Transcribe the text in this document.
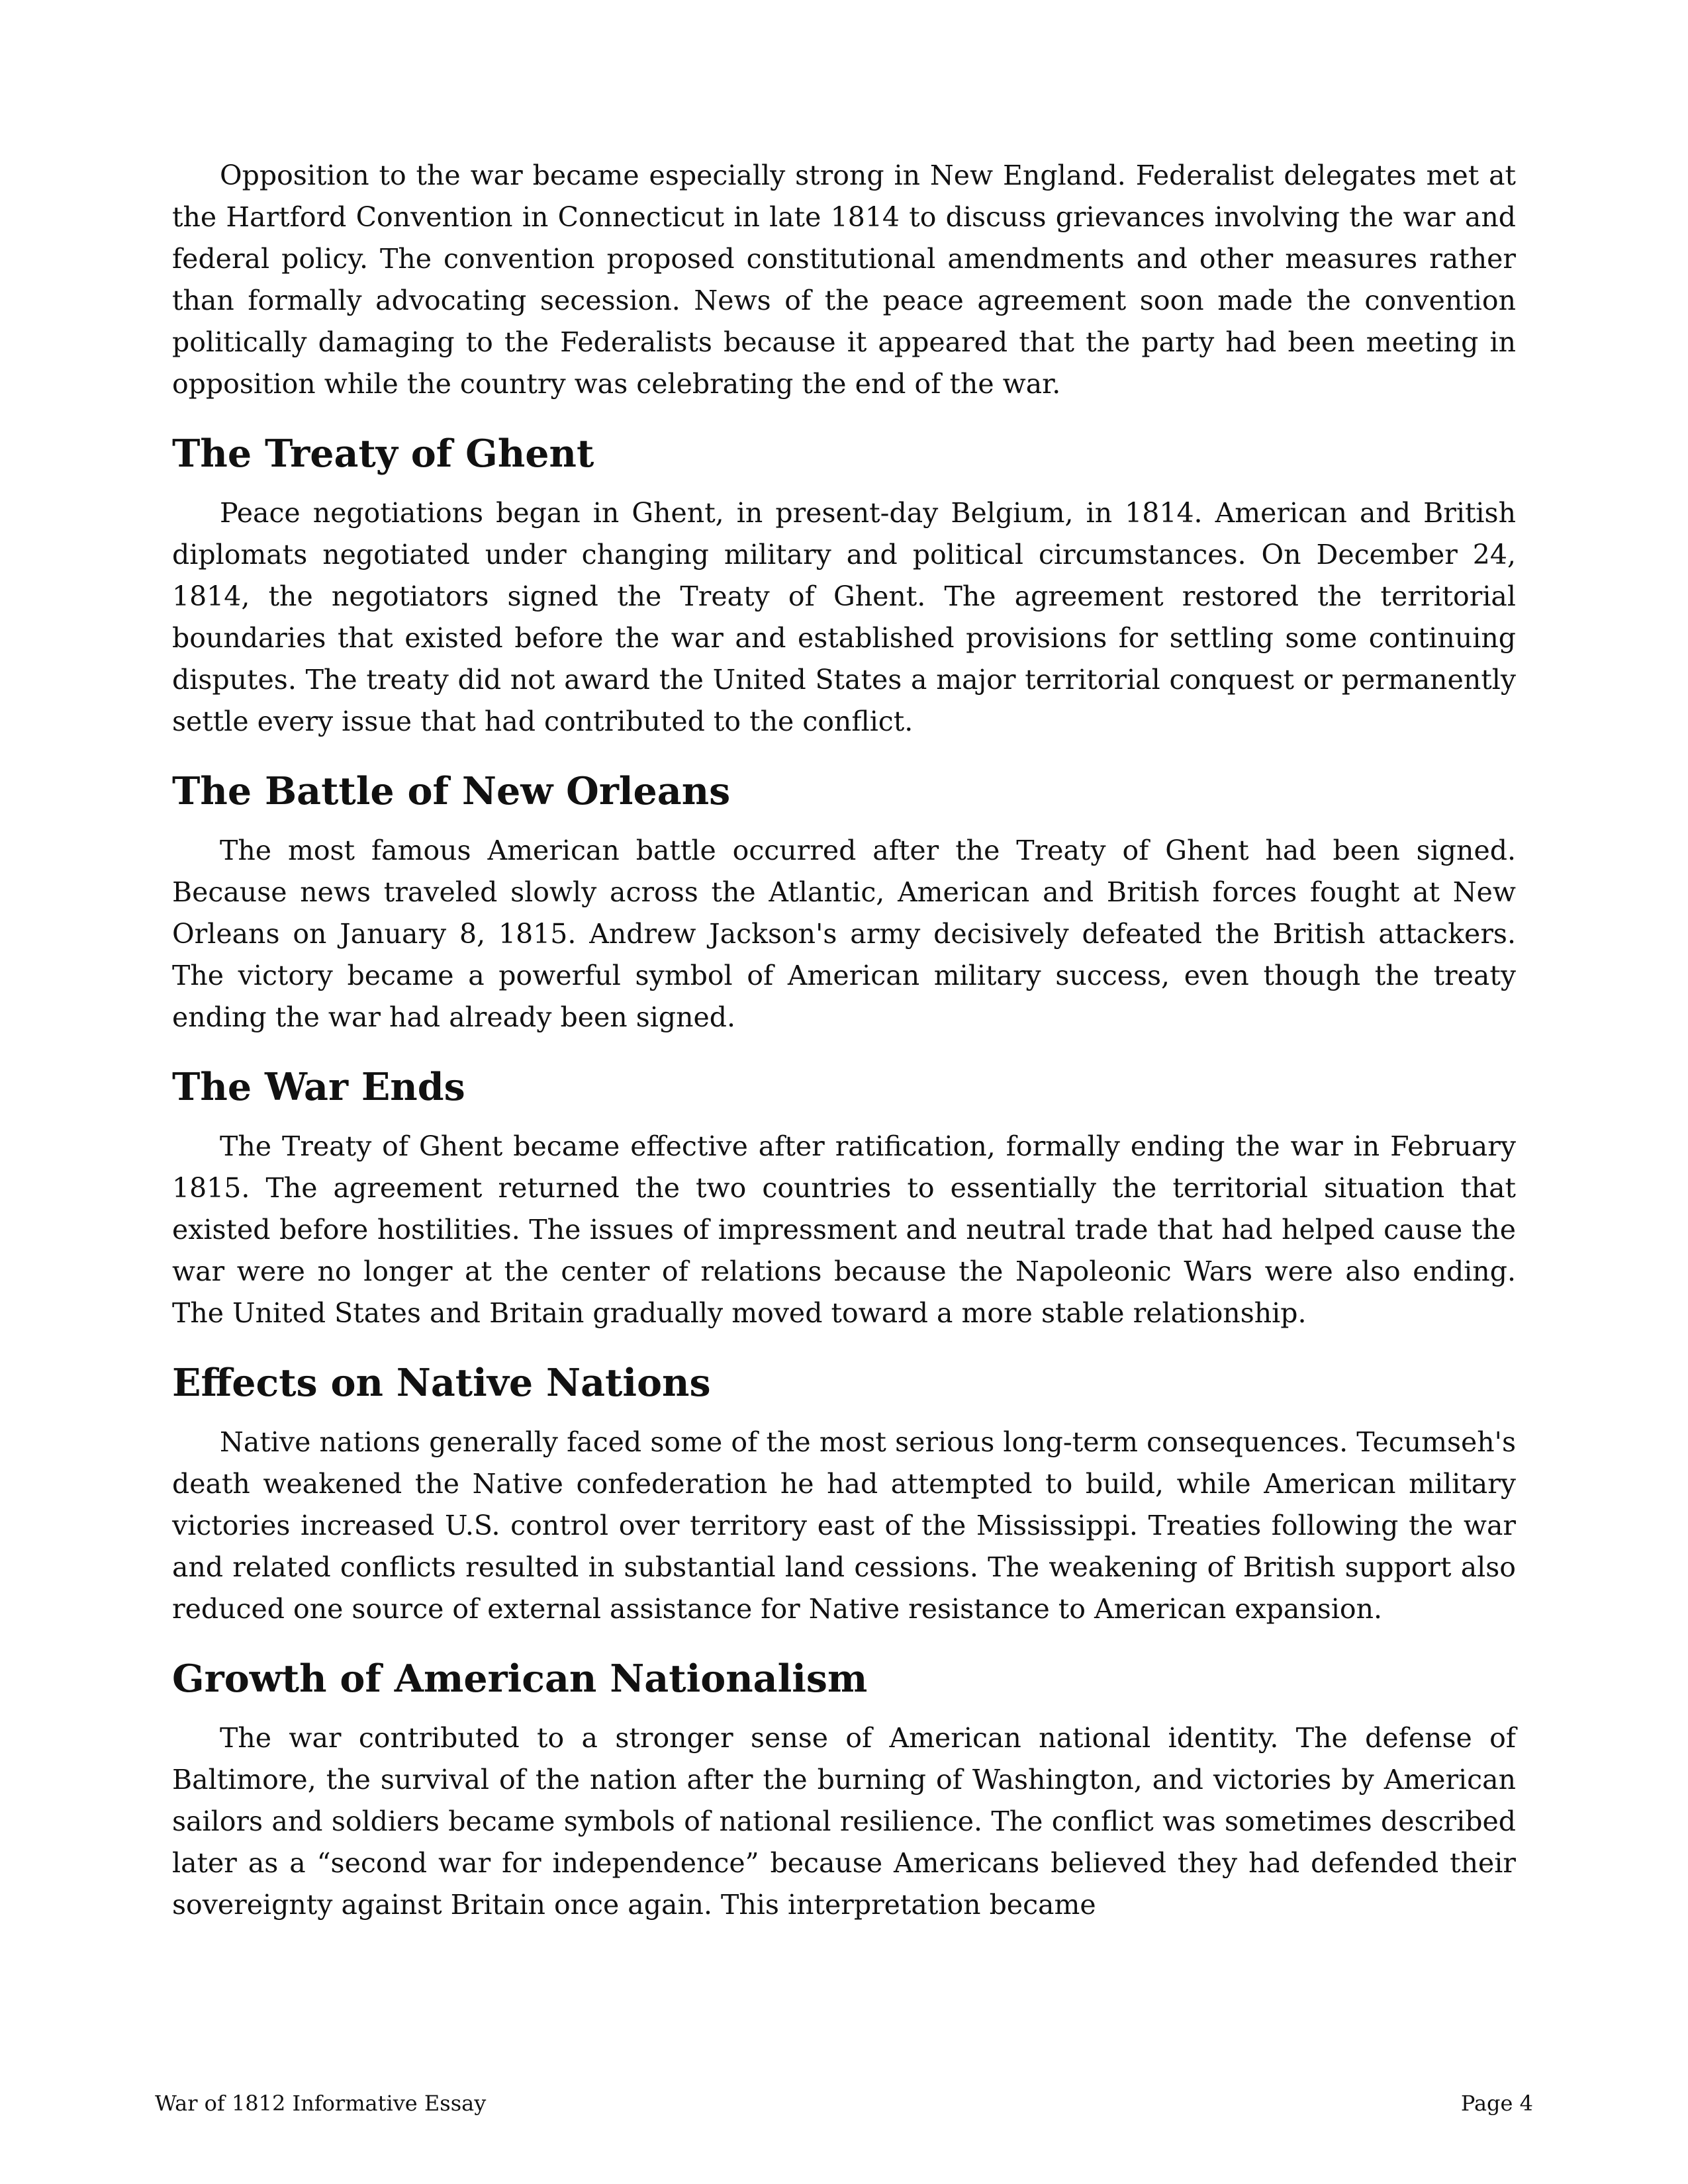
Opposition to the war became especially strong in New England. Federalist delegates met at the Hartford Convention in Connecticut in late 1814 to discuss grievances involving the war and federal policy. The convention proposed constitutional amendments and other measures rather than formally advocating secession. News of the peace agreement soon made the convention politically damaging to the Federalists because it appeared that the party had been meeting in opposition while the country was celebrating the end of the war.

The Treaty of Ghent

Peace negotiations began in Ghent, in present-day Belgium, in 1814. American and British diplomats negotiated under changing military and political circumstances. On December 24, 1814, the negotiators signed the Treaty of Ghent. The agreement restored the territorial boundaries that existed before the war and established provisions for settling some continuing disputes. The treaty did not award the United States a major territorial conquest or permanently settle every issue that had contributed to the conflict.

The Battle of New Orleans

The most famous American battle occurred after the Treaty of Ghent had been signed. Because news traveled slowly across the Atlantic, American and British forces fought at New Orleans on January 8, 1815. Andrew Jackson's army decisively defeated the British attackers. The victory became a powerful symbol of American military success, even though the treaty ending the war had already been signed.

The War Ends

The Treaty of Ghent became effective after ratification, formally ending the war in February 1815. The agreement returned the two countries to essentially the territorial situation that existed before hostilities. The issues of impressment and neutral trade that had helped cause the war were no longer at the center of relations because the Napoleonic Wars were also ending. The United States and Britain gradually moved toward a more stable relationship.

Effects on Native Nations

Native nations generally faced some of the most serious long-term consequences. Tecumseh's death weakened the Native confederation he had attempted to build, while American military victories increased U.S. control over territory east of the Mississippi. Treaties following the war and related conflicts resulted in substantial land cessions. The weakening of British support also reduced one source of external assistance for Native resistance to American expansion.

Growth of American Nationalism

The war contributed to a stronger sense of American national identity. The defense of Baltimore, the survival of the nation after the burning of Washington, and victories by American sailors and soldiers became symbols of national resilience. The conflict was sometimes described later as a “second war for independence” because Americans believed they had defended their sovereignty against Britain once again. This interpretation became

War of 1812 Informative Essay	Page 4
